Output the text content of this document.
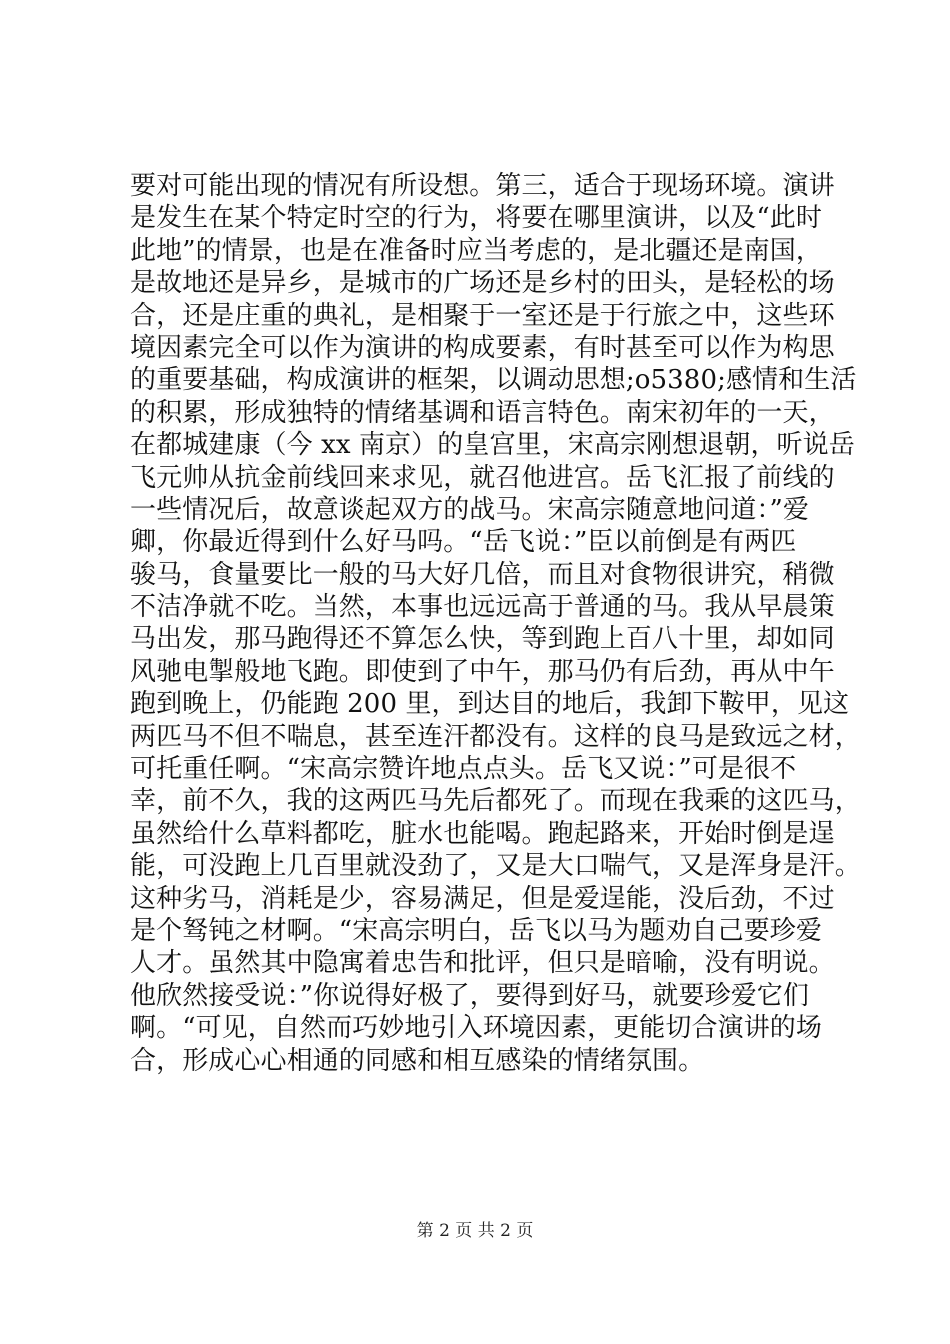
要对可能出现的情况有所设想。第三，适合于现场环境。演讲
是发生在某个特定时空的行为，将要在哪里演讲，以及“此时
此地”的情景，也是在准备时应当考虑的，是北疆还是南国，
是故地还是异乡，是城市的广场还是乡村的田头，是轻松的场
合，还是庄重的典礼，是相聚于一室还是于行旅之中，这些环
境因素完全可以作为演讲的构成要素，有时甚至可以作为构思
的重要基础，构成演讲的框架，以调动思想;o5380;感情和生活
的积累，形成独特的情绪基调和语言特色。南宋初年的一天，
在都城建康（今 xx 南京）的皇宫里，宋高宗刚想退朝，听说岳
飞元帅从抗金前线回来求见，就召他进宫。岳飞汇报了前线的
一些情况后，故意谈起双方的战马。宋高宗随意地问道：”爱
卿，你最近得到什么好马吗。“岳飞说：”臣以前倒是有两匹
骏马，食量要比一般的马大好几倍，而且对食物很讲究，稍微
不洁净就不吃。当然，本事也远远高于普通的马。我从早晨策
马出发，那马跑得还不算怎么快，等到跑上百八十里，却如同
风驰电掣般地飞跑。即使到了中午，那马仍有后劲，再从中午
跑到晚上，仍能跑 200 里，到达目的地后，我卸下鞍甲，见这
两匹马不但不喘息，甚至连汗都没有。这样的良马是致远之材，
可托重任啊。“宋高宗赞许地点点头。岳飞又说：”可是很不
幸，前不久，我的这两匹马先后都死了。而现在我乘的这匹马，
虽然给什么草料都吃，脏水也能喝。跑起路来，开始时倒是逞
能，可没跑上几百里就没劲了，又是大口喘气，又是浑身是汗。
这种劣马，消耗是少，容易满足，但是爱逞能，没后劲，不过
是个驽钝之材啊。“宋高宗明白，岳飞以马为题劝自己要珍爱
人才。虽然其中隐寓着忠告和批评，但只是暗喻，没有明说。
他欣然接受说：”你说得好极了，要得到好马，就要珍爱它们
啊。“可见，自然而巧妙地引入环境因素，更能切合演讲的场
合，形成心心相通的同感和相互感染的情绪氛围。
第 2 页 共 2 页
